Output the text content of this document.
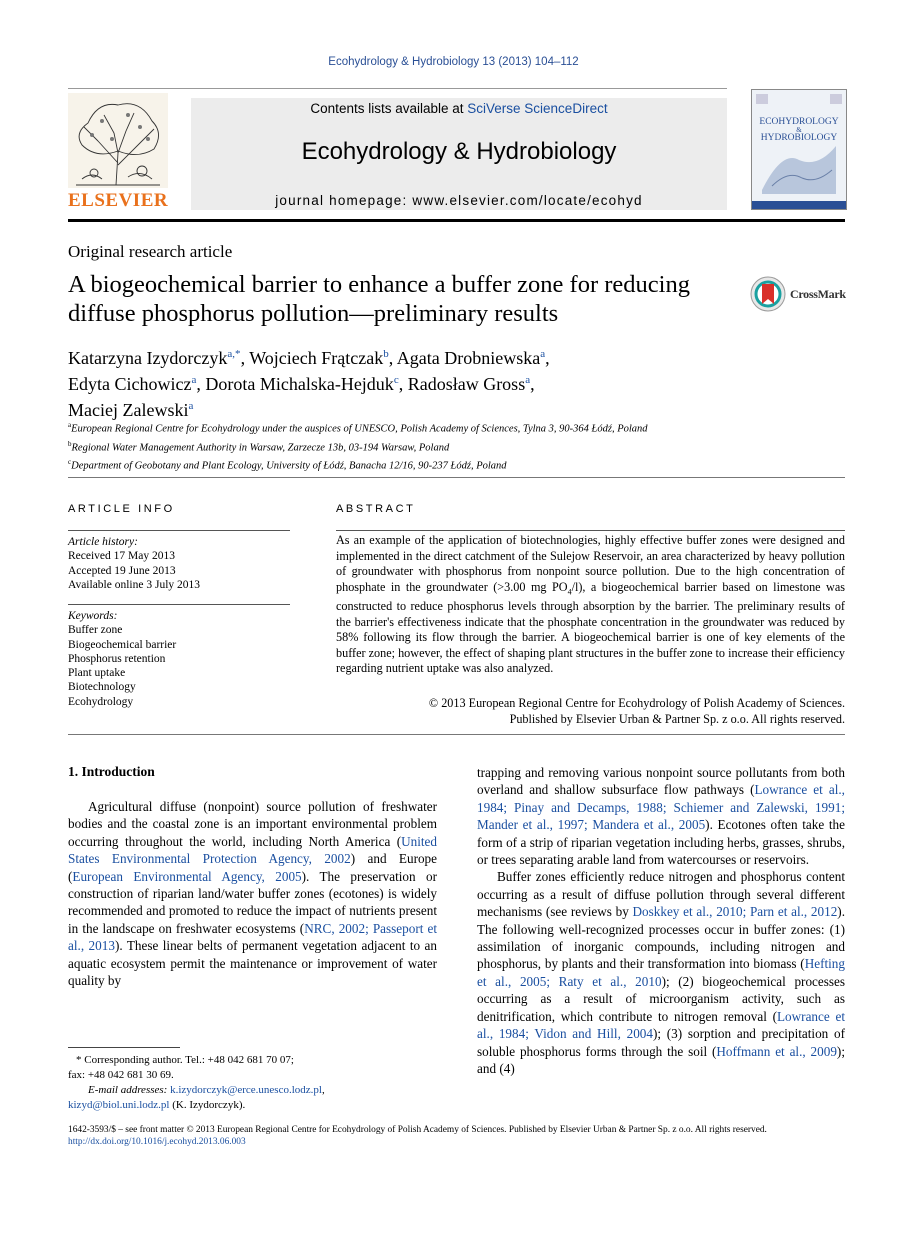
Ecohydrology & Hydrobiology 13 (2013) 104–112
ELSEVIER
Contents lists available at SciVerse ScienceDirect
Ecohydrology & Hydrobiology
journal homepage: www.elsevier.com/locate/ecohyd
ECOHYDROLOGY
&
HYDROBIOLOGY
Original research article
A biogeochemical barrier to enhance a buffer zone for reducing diffuse phosphorus pollution—preliminary results
CrossMark
Katarzyna Izydorczyk$^{a,*}$, Wojciech Frątczak$^b$, Agata Drobniewska$^a$,
Edyta Cichowicz$^a$, Dorota Michalska-Hejduk$^c$, Radosław Gross$^a$,
Maciej Zalewski$^a$
$^a$European Regional Centre for Ecohydrology under the auspices of UNESCO, Polish Academy of Sciences, Tylna 3, 90-364 Łódź, Poland
$^b$Regional Water Management Authority in Warsaw, Zarzecze 13b, 03-194 Warsaw, Poland
$^c$Department of Geobotany and Plant Ecology, University of Łódź, Banacha 12/16, 90-237 Łódź, Poland
ARTICLE INFO	ABSTRACT
Article history:
Received 17 May 2013
Accepted 19 June 2013
Available online 3 July 2013
Keywords:
Buffer zone
Biogeochemical barrier
Phosphorus retention
Plant uptake
Biotechnology
Ecohydrology
As an example of the application of biotechnologies, highly effective buffer zones were designed and implemented in the direct catchment of the Sulejow Reservoir, an area characterized by heavy pollution of groundwater with phosphorus from nonpoint source pollution. Due to the high concentration of phosphate in the groundwater (>3.00 mg $PO_4/l$), a biogeochemical barrier based on limestone was constructed to reduce phosphorus levels through absorption by the barrier. The preliminary results of the barrier's effectiveness indicate that the phosphate concentration in the groundwater was reduced by 58% following its flow through the barrier. A biogeochemical barrier is one of key elements of the buffer zone; however, the effect of shaping plant structures in the buffer zone to increase their efficiency regarding nutrient uptake was also analyzed.
© 2013 European Regional Centre for Ecohydrology of Polish Academy of Sciences.
Published by Elsevier Urban & Partner Sp. z o.o. All rights reserved.
1. Introduction

Agricultural diffuse (nonpoint) source pollution of freshwater bodies and the coastal zone is an important environmental problem occurring throughout the world, including North America (United States Environmental Protection Agency, 2002) and Europe (European Environmental Agency, 2005). The preservation or construction of riparian land/water buffer zones (ecotones) is widely recommended and promoted to reduce the impact of nutrients present in the landscape on freshwater ecosystems (NRC, 2002; Passeport et al., 2013). These linear belts of permanent vegetation adjacent to an aquatic ecosystem permit the maintenance or improvement of water quality by

trapping and removing various nonpoint source pollutants from both overland and shallow subsurface flow pathways (Lowrance et al., 1984; Pinay and Decamps, 1988; Schiemer and Zalewski, 1991; Mander et al., 1997; Mandera et al., 2005). Ecotones often take the form of a strip of riparian vegetation including herbs, grasses, shrubs, or trees separating arable land from watercourses or reservoirs.

Buffer zones efficiently reduce nitrogen and phosphorus content occurring as a result of diffuse pollution through several different mechanisms (see reviews by Doskkey et al., 2010; Parn et al., 2012). The following well-recognized processes occur in buffer zones: (1) assimilation of inorganic compounds, including nitrogen and phosphorus, by plants and their transformation into biomass (Hefting et al., 2005; Raty et al., 2010); (2) biogeochemical processes occurring as a result of microorganism activity, such as denitrification, which contribute to nitrogen removal (Lowrance et al., 1984; Vidon and Hill, 2004); (3) sorption and precipitation of soluble phosphorus forms through the soil (Hoffmann et al., 2009); and (4)

* Corresponding author. Tel.: +48 042 681 70 07;
fax: +48 042 681 30 69.
E-mail addresses: k.izydorczyk@erce.unesco.lodz.pl,
kizyd@biol.uni.lodz.pl (K. Izydorczyk).
1642-3593/$ – see front matter © 2013 European Regional Centre for Ecohydrology of Polish Academy of Sciences. Published by Elsevier Urban & Partner Sp. z o.o. All rights reserved.
http://dx.doi.org/10.1016/j.ecohyd.2013.06.003
